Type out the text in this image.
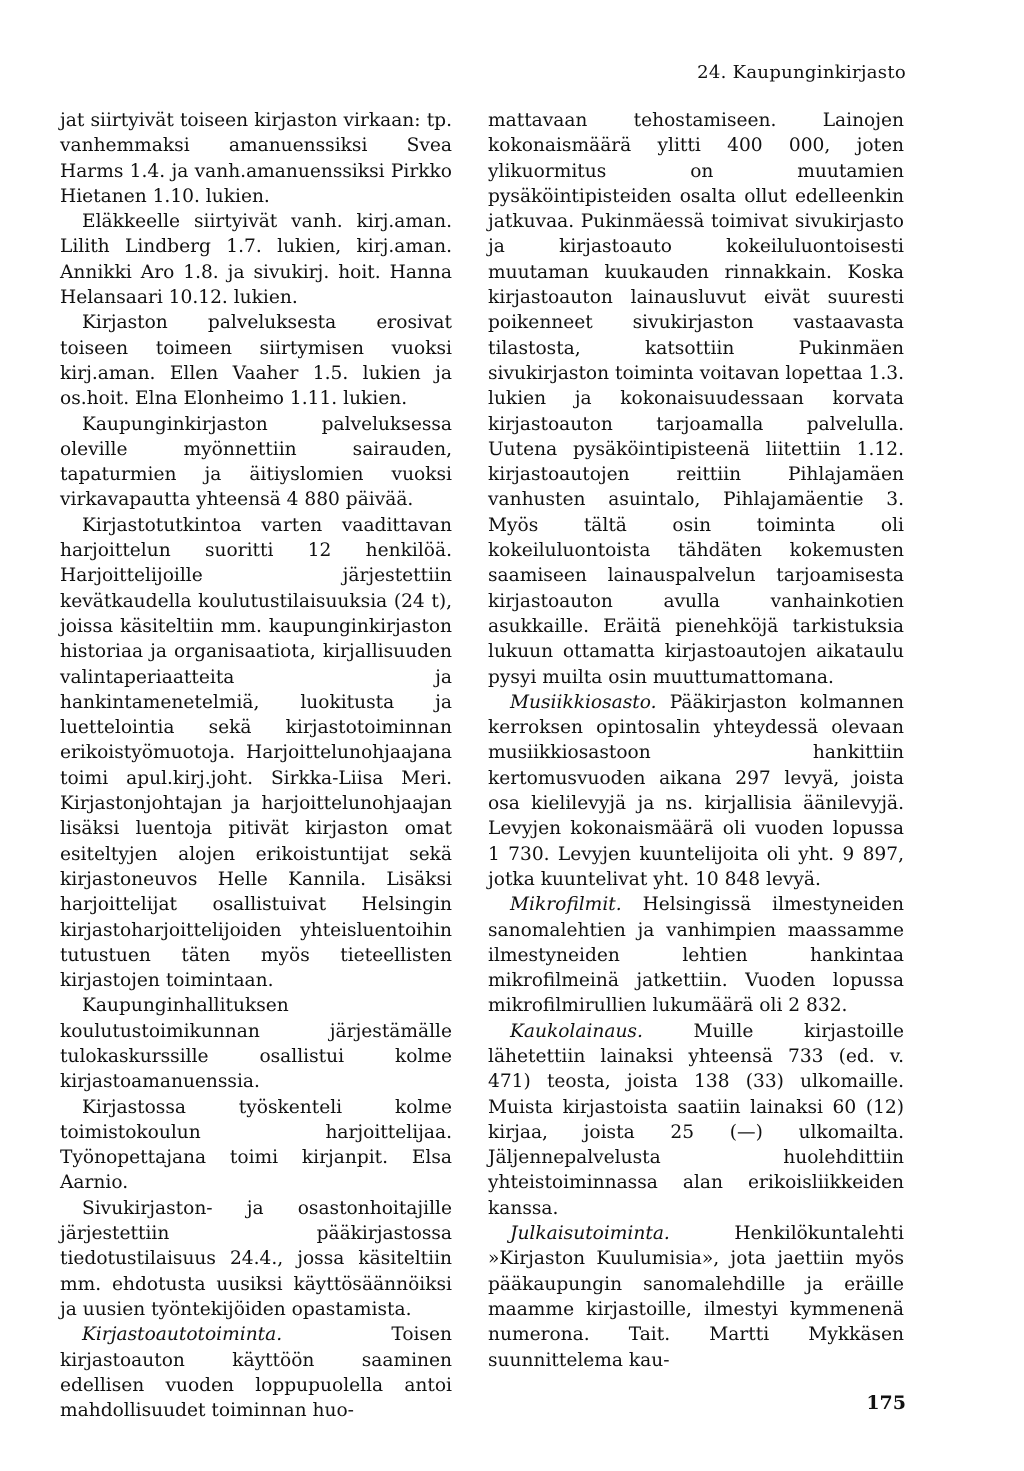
24. Kaupunginkirjasto

jat siirtyivät toiseen kirjaston virkaan: tp. vanhemmaksi amanuenssiksi Svea Harms 1.4. ja vanh.amanuenssiksi Pirkko Hietanen 1.10. lukien.

Eläkkeelle siirtyivät vanh. kirj.aman. Lilith Lindberg 1.7. lukien, kirj.aman. Annikki Aro 1.8. ja sivukirj. hoit. Hanna Helansaari 10.12. lukien.

Kirjaston palveluksesta erosivat toiseen toimeen siirtymisen vuoksi kirj.aman. Ellen Vaaher 1.5. lukien ja os.hoit. Elna Elonheimo 1.11. lukien.

Kaupunginkirjaston palveluksessa oleville myönnettiin sairauden, tapaturmien ja äitiyslomien vuoksi virkavapautta yhteensä 4 880 päivää.

Kirjastotutkintoa varten vaadittavan harjoittelun suoritti 12 henkilöä. Harjoittelijoille järjestettiin kevätkaudella koulutustilaisuuksia (24 t), joissa käsiteltiin mm. kaupunginkirjaston historiaa ja organisaatiota, kirjallisuuden valintaperiaatteita ja hankintamenetelmiä, luokitusta ja luettelointia sekä kirjastotoiminnan erikoistyömuotoja. Harjoittelunohjaajana toimi apul.kirj.joht. Sirkka-Liisa Meri. Kirjastonjohtajan ja harjoittelunohjaajan lisäksi luentoja pitivät kirjaston omat esiteltyjen alojen erikoistuntijat sekä kirjastoneuvos Helle Kannila. Lisäksi harjoittelijat osallistuivat Helsingin kirjastoharjoittelijoiden yhteisluentoihin tutustuen täten myös tieteellisten kirjastojen toimintaan.

Kaupunginhallituksen koulutustoimikunnan järjestämälle tulokaskurssille osallistui kolme kirjastoamanuenssia.

Kirjastossa työskenteli kolme toimistokoulun harjoittelijaa. Työnopettajana toimi kirjanpit. Elsa Aarnio.

Sivukirjaston- ja osastonhoitajille järjestettiin pääkirjastossa tiedotustilaisuus 24.4., jossa käsiteltiin mm. ehdotusta uusiksi käyttösäännöiksi ja uusien työntekijöiden opastamista.

Kirjastoautotoiminta. Toisen kirjastoauton käyttöön saaminen edellisen vuoden loppupuolella antoi mahdollisuudet toiminnan huo-

mattavaan tehostamiseen. Lainojen kokonaismäärä ylitti 400 000, joten ylikuormitus on muutamien pysäköintipisteiden osalta ollut edelleenkin jatkuvaa. Pukinmäessä toimivat sivukirjasto ja kirjastoauto kokeiluluontoisesti muutaman kuukauden rinnakkain. Koska kirjastoauton lainausluvut eivät suuresti poikenneet sivukirjaston vastaavasta tilastosta, katsottiin Pukinmäen sivukirjaston toiminta voitavan lopettaa 1.3. lukien ja kokonaisuudessaan korvata kirjastoauton tarjoamalla palvelulla. Uutena pysäköintipisteenä liitettiin 1.12. kirjastoautojen reittiin Pihlajamäen vanhusten asuintalo, Pihlajamäentie 3. Myös tältä osin toiminta oli kokeiluluontoista tähdäten kokemusten saamiseen lainauspalvelun tarjoamisesta kirjastoauton avulla vanhainkotien asukkaille. Eräitä pienehköjä tarkistuksia lukuun ottamatta kirjastoautojen aikataulu pysyi muilta osin muuttumattomana.

Musiikkiosasto. Pääkirjaston kolmannen kerroksen opintosalin yhteydessä olevaan musiikkiosastoon hankittiin kertomusvuoden aikana 297 levyä, joista osa kielilevyjä ja ns. kirjallisia äänilevyjä. Levyjen kokonaismäärä oli vuoden lopussa 1 730. Levyjen kuuntelijoita oli yht. 9 897, jotka kuuntelivat yht. 10 848 levyä.

Mikrofilmit. Helsingissä ilmestyneiden sanomalehtien ja vanhimpien maassamme ilmestyneiden lehtien hankintaa mikrofilmeinä jatkettiin. Vuoden lopussa mikrofilmirullien lukumäärä oli 2 832.

Kaukolainaus. Muille kirjastoille lähetettiin lainaksi yhteensä 733 (ed. v. 471) teosta, joista 138 (33) ulkomaille. Muista kirjastoista saatiin lainaksi 60 (12) kirjaa, joista 25 (—) ulkomailta. Jäljennepalvelusta huolehdittiin yhteistoiminnassa alan erikoisliikkeiden kanssa.

Julkaisutoiminta. Henkilökuntalehti »Kirjaston Kuulumisia», jota jaettiin myös pääkaupungin sanomalehdille ja eräille maamme kirjastoille, ilmestyi kymmenenä numerona. Tait. Martti Mykkäsen suunnittelema kau-

175
